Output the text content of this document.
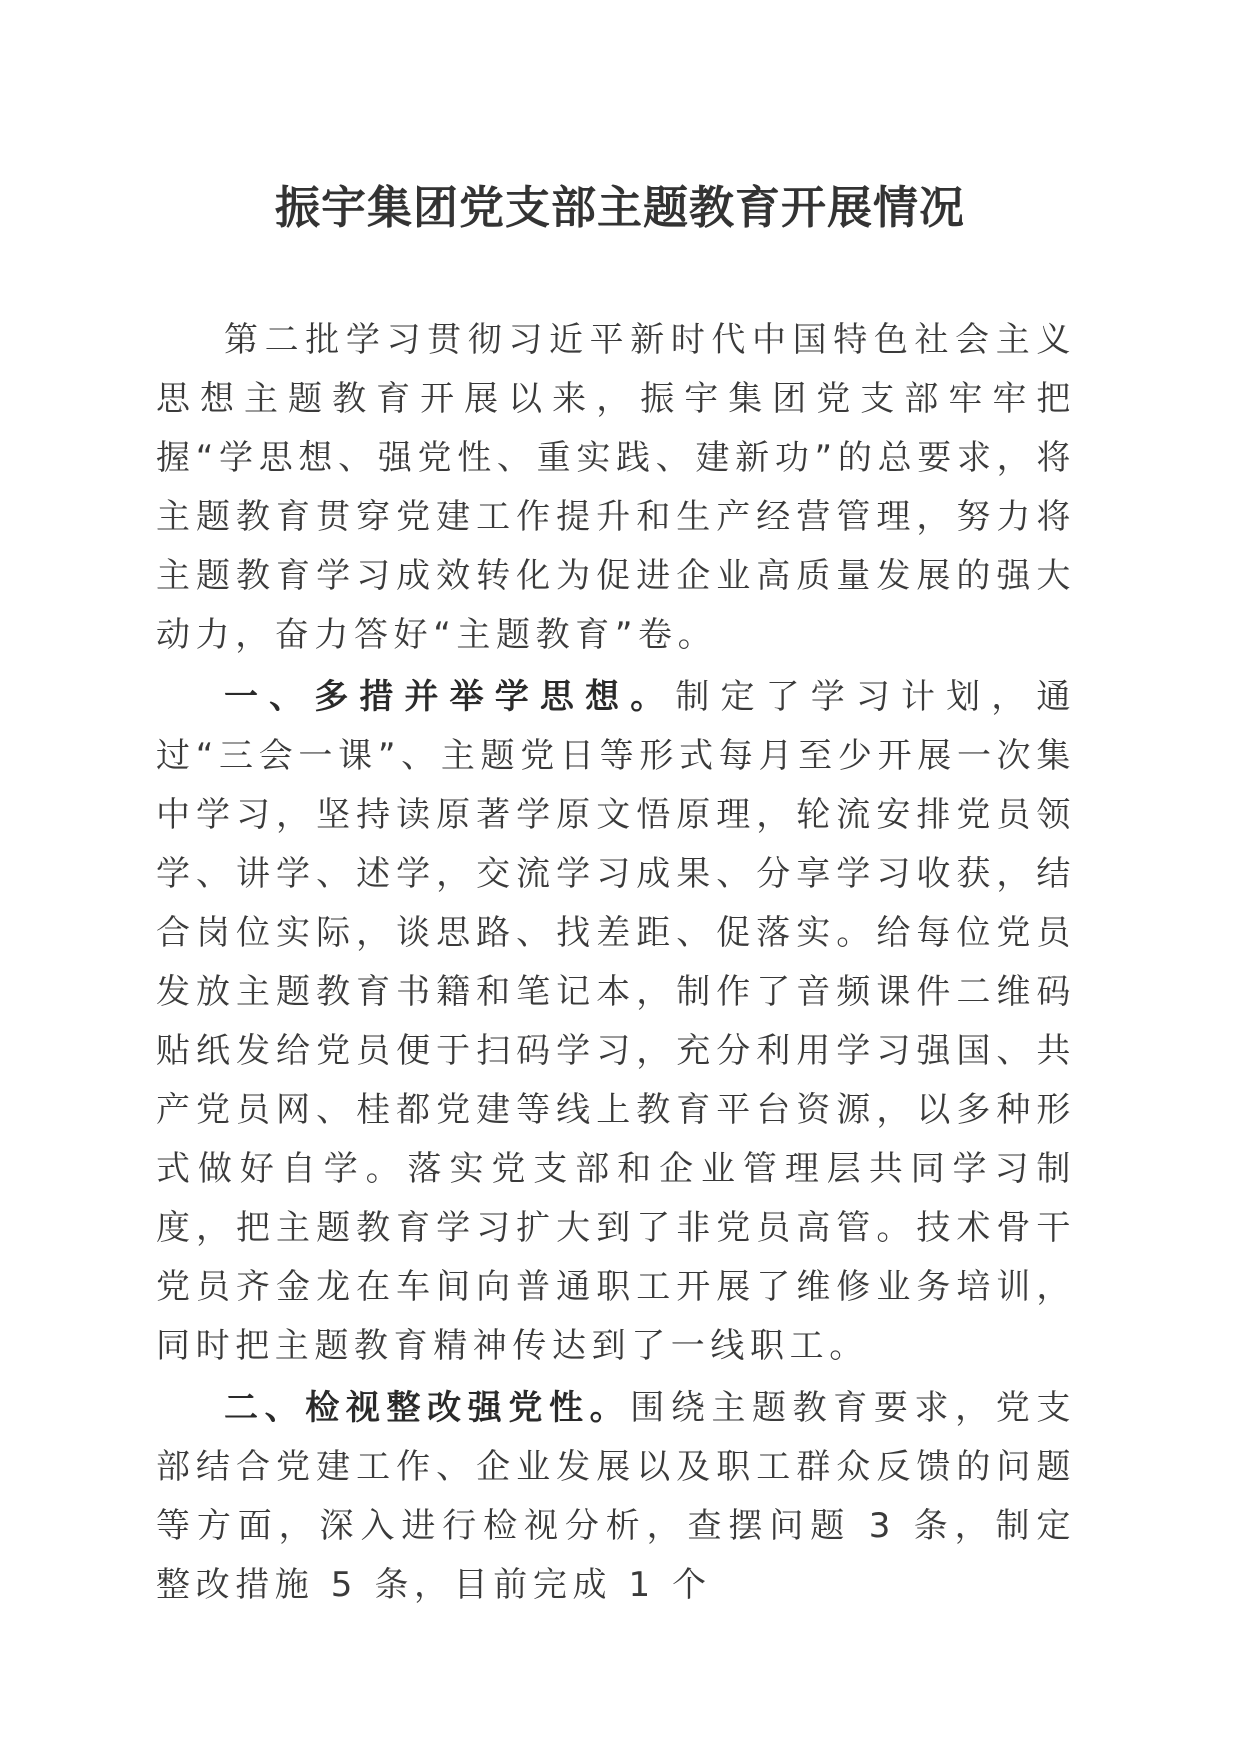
振宇集团党支部主题教育开展情况

第二批学习贯彻习近平新时代中国特色社会主义思想主题教育开展以来，振宇集团党支部牢牢把握“学思想、强党性、重实践、建新功”的总要求，将主题教育贯穿党建工作提升和生产经营管理，努力将主题教育学习成效转化为促进企业高质量发展的强大动力，奋力答好“主题教育”卷。

一、多措并举学思想。制定了学习计划，通过“三会一课”、主题党日等形式每月至少开展一次集中学习，坚持读原著学原文悟原理，轮流安排党员领学、讲学、述学，交流学习成果、分享学习收获，结合岗位实际，谈思路、找差距、促落实。给每位党员发放主题教育书籍和笔记本，制作了音频课件二维码贴纸发给党员便于扫码学习，充分利用学习强国、共产党员网、桂都党建等线上教育平台资源，以多种形式做好自学。落实党支部和企业管理层共同学习制度，把主题教育学习扩大到了非党员高管。技术骨干党员齐金龙在车间向普通职工开展了维修业务培训，同时把主题教育精神传达到了一线职工。

二、检视整改强党性。围绕主题教育要求，党支部结合党建工作、企业发展以及职工群众反馈的问题等方面，深入进行检视分析，查摆问题 3 条，制定整改措施 5 条，目前完成 1 个
